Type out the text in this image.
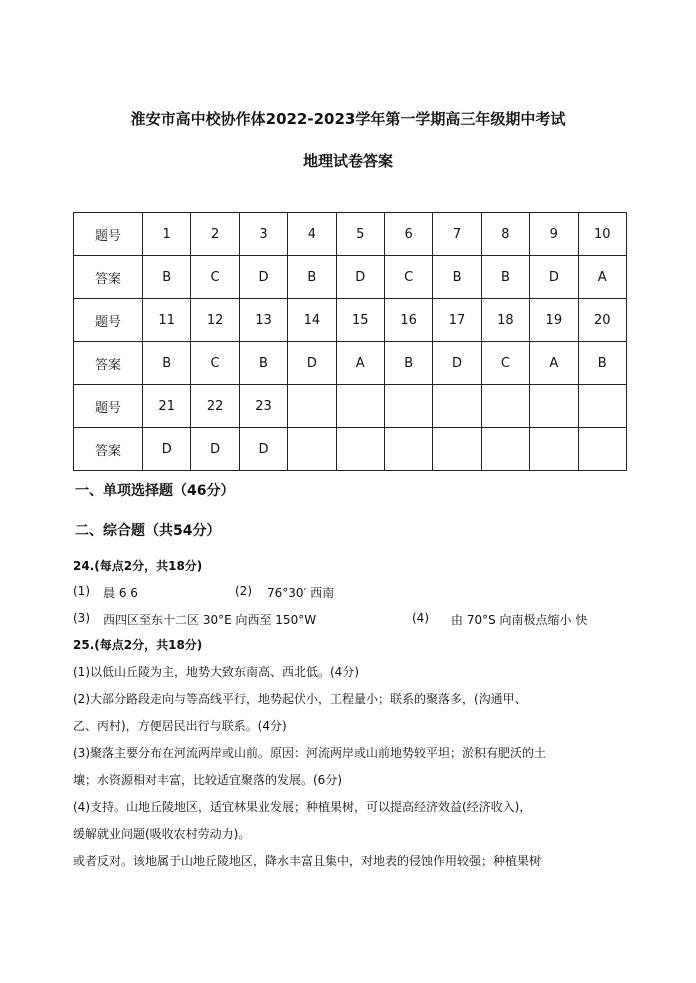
淮安市高中校协作体2022-2023学年第一学期高三年级期中考试
地理试卷答案
题号	1	2	3	4	5	6	7	8	9	10
答案	B	C	D	B	D	C	B	B	D	A
题号	11	12	13	14	15	16	17	18	19	20
答案	B	C	B	D	A	B	D	C	A	B
题号	21	22	23							
答案	D	D	D							
一、单项选择题（46分）
二、综合题（共54分）
24.(每点2分，共18分)
(1) 晨 6 6	(2) 76°30′ 西南
(3) 西四区至东十二区 30°E 向西至 150°W	(4) 由 70°S 向南极点缩小 快
25.(每点2分，共18分)
(1)以低山丘陵为主，地势大致东南高、西北低。(4分)
(2)大部分路段走向与等高线平行，地势起伏小，工程量小；联系的聚落多，(沟通甲、
乙、丙村)，方便居民出行与联系。(4分)
(3)聚落主要分布在河流两岸或山前。原因：河流两岸或山前地势较平坦；淤积有肥沃的土
壤；水资源相对丰富，比较适宜聚落的发展。(6分)
(4)支持。山地丘陵地区，适宜林果业发展；种植果树，可以提高经济效益(经济收入)，
缓解就业问题(吸收农村劳动力)。
或者反对。该地属于山地丘陵地区，降水丰富且集中，对地表的侵蚀作用较强；种植果树
